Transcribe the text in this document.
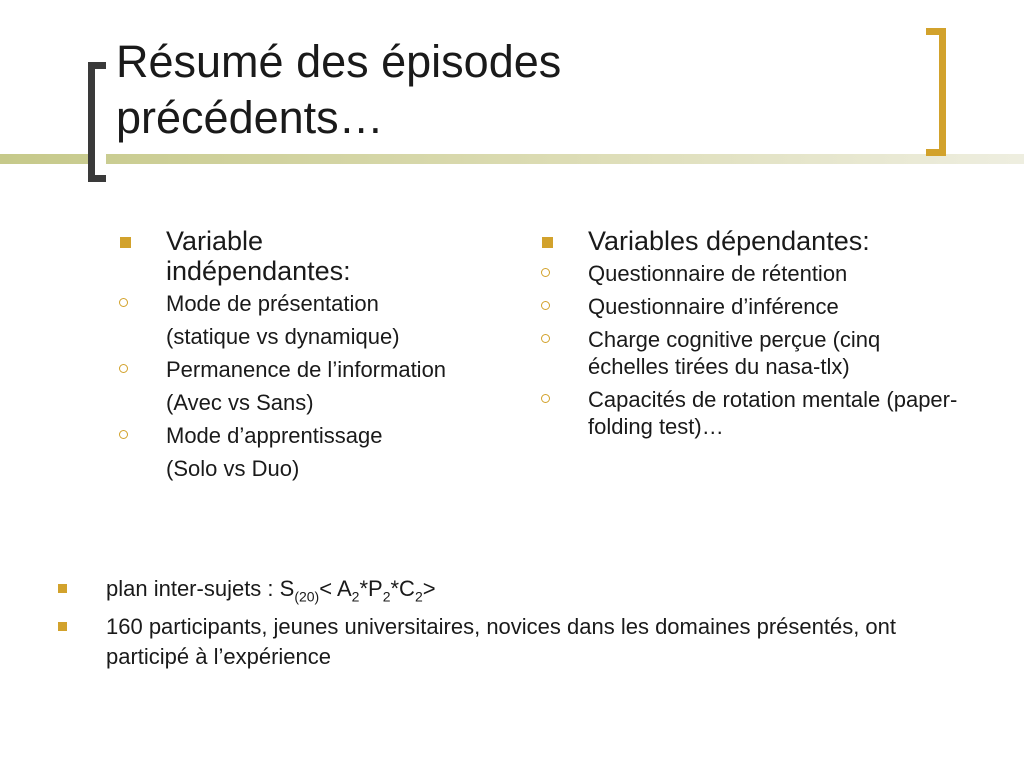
Résumé des épisodes
précédents…
Variable
indépendantes:
Mode de présentation
(statique vs dynamique)
Permanence de l’information
(Avec vs Sans)
Mode d’apprentissage
(Solo vs Duo)
Variables dépendantes:
Questionnaire de rétention
Questionnaire d’inférence
Charge cognitive perçue (cinq échelles tirées du nasa-tlx)
Capacités de rotation mentale (paper-folding test)…
plan inter-sujets : $S_{(20)}< A_2*P_2*C_2>$
160 participants, jeunes universitaires, novices dans les domaines présentés, ont participé à l’expérience
